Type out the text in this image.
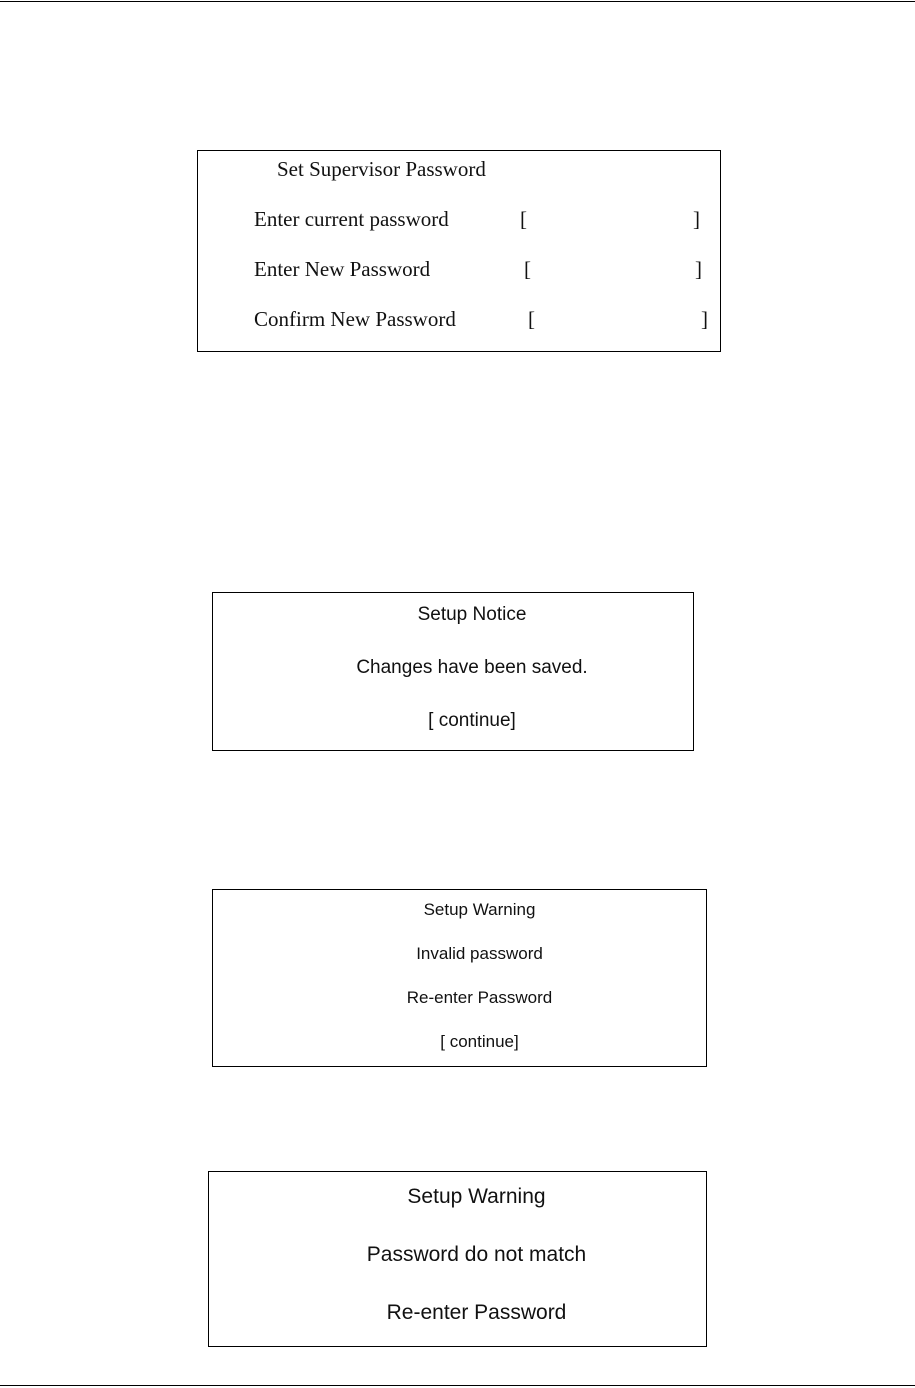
Set Supervisor Password
Enter current password	[	]
Enter New Password	[	]
Confirm New Password	[	]
Setup Notice
Changes have been saved.
[ continue]
Setup Warning
Invalid password
Re-enter Password
[ continue]
Setup Warning
Password do not match
Re-enter Password
